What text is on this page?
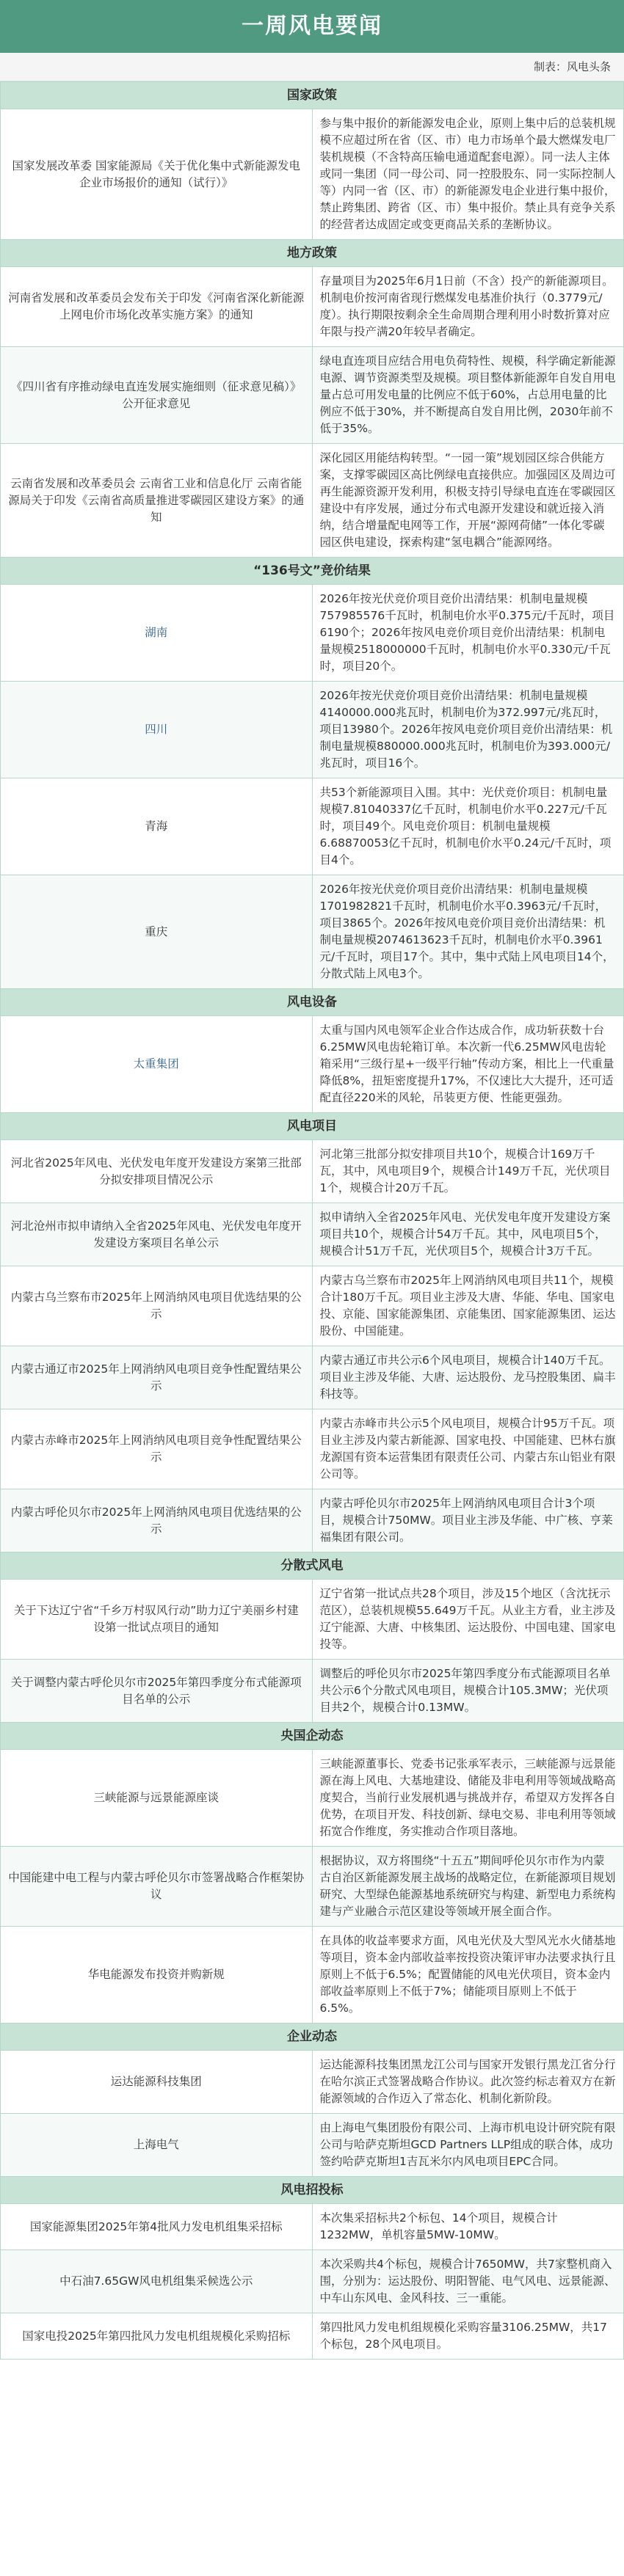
一周风电要闻
制表：风电头条
国家政策	
国家发展改革委 国家能源局《关于优化集中式新能源发电企业市场报价的通知（试行）》	参与集中报价的新能源发电企业，原则上集中后的总装机规模不应超过所在省（区、市）电力市场单个最大燃煤发电厂装机规模（不含特高压输电通道配套电源）。同一法人主体或同一集团（同一母公司、同一控股股东、同一实际控制人等）内同一省（区、市）的新能源发电企业进行集中报价，禁止跨集团、跨省（区、市）集中报价。禁止具有竞争关系的经营者达成固定或变更商品关系的垄断协议。
地方政策	
河南省发展和改革委员会发布关于印发《河南省深化新能源上网电价市场化改革实施方案》的通知	存量项目为2025年6月1日前（不含）投产的新能源项目。机制电价按河南省现行燃煤发电基准价执行（0.3779元/度）。执行期限按剩余全生命周期合理利用小时数折算对应年限与投产满20年较早者确定。
《四川省有序推动绿电直连发展实施细则（征求意见稿）》公开征求意见	绿电直连项目应结合用电负荷特性、规模，科学确定新能源电源、调节资源类型及规模。项目整体新能源年自发自用电量占总可用发电量的比例应不低于60%，占总用电量的比例应不低于30%，并不断提高自发自用比例，2030年前不低于35%。
云南省发展和改革委员会 云南省工业和信息化厅 云南省能源局关于印发《云南省高质量推进零碳园区建设方案》的通知	深化园区用能结构转型。“一园一策”规划园区综合供能方案，支撑零碳园区高比例绿电直接供应。加强园区及周边可再生能源资源开发利用，积极支持引导绿电直连在零碳园区建设中有序发展，通过分布式电源开发建设和就近接入消纳，结合增量配电网等工作，开展“源网荷储”一体化零碳园区供电建设，探索构建“氢电耦合”能源网络。
“136号文”竞价结果	
湖南	2026年按光伏竞价项目竞价出清结果：机制电量规模757985576千瓦时，机制电价水平0.375元/千瓦时，项目6190个；2026年按风电竞价项目竞价出清结果：机制电量规模2518000000千瓦时，机制电价水平0.330元/千瓦时，项目20个。
四川	2026年按光伏竞价项目竞价出清结果：机制电量规模4140000.000兆瓦时，机制电价为372.997元/兆瓦时，项目13980个。2026年按风电竞价项目竞价出清结果：机制电量规模880000.000兆瓦时，机制电价为393.000元/兆瓦时，项目16个。
青海	共53个新能源项目入围。其中：光伏竞价项目：机制电量规模7.81040337亿千瓦时，机制电价水平0.227元/千瓦时，项目49个。风电竞价项目：机制电量规模6.68870053亿千瓦时，机制电价水平0.24元/千瓦时，项目4个。
重庆	2026年按光伏竞价项目竞价出清结果：机制电量规模1701982821千瓦时，机制电价水平0.3963元/千瓦时，项目3865个。2026年按风电竞价项目竞价出清结果：机制电量规模2074613623千瓦时，机制电价水平0.3961元/千瓦时，项目17个。其中，集中式陆上风电项目14个，分散式陆上风电3个。
风电设备	
太重集团	太重与国内风电领军企业合作达成合作，成功斩获数十台6.25MW风电齿轮箱订单。本次新一代6.25MW风电齿轮箱采用“三级行星+一级平行轴”传动方案，相比上一代重量降低8%，扭矩密度提升17%，不仅速比大大提升，还可适配直径220米的风轮，吊装更方便、性能更强劲。
风电项目	
河北省2025年风电、光伏发电年度开发建设方案第三批部分拟安排项目情况公示	河北第三批部分拟安排项目共10个，规模合计169万千瓦，其中，风电项目9个，规模合计149万千瓦，光伏项目1个，规模合计20万千瓦。
河北沧州市拟申请纳入全省2025年风电、光伏发电年度开发建设方案项目名单公示	拟申请纳入全省2025年风电、光伏发电年度开发建设方案项目共10个，规模合计54万千瓦。其中，风电项目5个，规模合计51万千瓦，光伏项目5个，规模合计3万千瓦。
内蒙古乌兰察布市2025年上网消纳风电项目优选结果的公示	内蒙古乌兰察布市2025年上网消纳风电项目共11个，规模合计180万千瓦。项目业主涉及大唐、华能、华电、国家电投、京能、国家能源集团、京能集团、国家能源集团、运达股份、中国能建。
内蒙古通辽市2025年上网消纳风电项目竞争性配置结果公示	内蒙古通辽市共公示6个风电项目，规模合计140万千瓦。项目业主涉及华能、大唐、运达股份、龙马控股集团、扁丰科技等。
内蒙古赤峰市2025年上网消纳风电项目竞争性配置结果公示	内蒙古赤峰市共公示5个风电项目，规模合计95万千瓦。项目业主涉及内蒙古新能源、国家电投、中国能建、巴林右旗龙源国有资本运营集团有限责任公司、内蒙古东山铝业有限公司等。
内蒙古呼伦贝尔市2025年上网消纳风电项目优选结果的公示	内蒙古呼伦贝尔市2025年上网消纳风电项目合计3个项目，规模合计750MW。项目业主涉及华能、中广核、亨莱福集团有限公司。
分散式风电	
关于下达辽宁省“千乡万村驭风行动”助力辽宁美丽乡村建设第一批试点项目的通知	辽宁省第一批试点共28个项目，涉及15个地区（含沈抚示范区），总装机规模55.649万千瓦。从业主方看，业主涉及辽宁能源、大唐、中核集团、运达股份、中国电建、国家电投等。
关于调整内蒙古呼伦贝尔市2025年第四季度分布式能源项目名单的公示	调整后的呼伦贝尔市2025年第四季度分布式能源项目名单共公示6个分散式风电项目，规模合计105.3MW；光伏项目共2个，规模合计0.13MW。
央国企动态	
三峡能源与远景能源座谈	三峡能源董事长、党委书记张承军表示，三峡能源与远景能源在海上风电、大基地建设、储能及非电利用等领域战略高度契合，当前行业发展机遇与挑战并存，希望双方发挥各自优势，在项目开发、科技创新、绿电交易、非电利用等领域拓宽合作维度，务实推动合作项目落地。
中国能建中电工程与内蒙古呼伦贝尔市签署战略合作框架协议	根据协议，双方将围绕“十五五”期间呼伦贝尔市作为内蒙古自治区新能源发展主战场的战略定位，在新能源项目规划研究、大型绿色能源基地系统研究与构建、新型电力系统构建与产业融合示范区建设等领域开展全面合作。
华电能源发布投资并购新规	在具体的收益率要求方面，风电光伏及大型风光水火储基地等项目，资本金内部收益率按投资决策评审办法要求执行且原则上不低于6.5%；配置储能的风电光伏项目，资本金内部收益率原则上不低于7%；储能项目原则上不低于6.5%。
企业动态	
运达能源科技集团	运达能源科技集团黑龙江公司与国家开发银行黑龙江省分行在哈尔滨正式签署战略合作协议。此次签约标志着双方在新能源领域的合作迈入了常态化、机制化新阶段。
上海电气	由上海电气集团股份有限公司、上海市机电设计研究院有限公司与哈萨克斯坦GCD Partners LLP组成的联合体，成功签约哈萨克斯坦1吉瓦米尔内风电项目EPC合同。
风电招投标	
国家能源集团2025年第4批风力发电机组集采招标	本次集采招标共2个标包、14个项目，规模合计1232MW，单机容量5MW-10MW。
中石油7.65GW风电机组集采候选公示	本次采购共4个标包，规模合计7650MW，共7家整机商入围，分别为：运达股份、明阳智能、电气风电、远景能源、中车山东风电、金风科技、三一重能。
国家电投2025年第四批风力发电机组规模化采购招标	第四批风力发电机组规模化采购容量3106.25MW，共17个标包，28个风电项目。
